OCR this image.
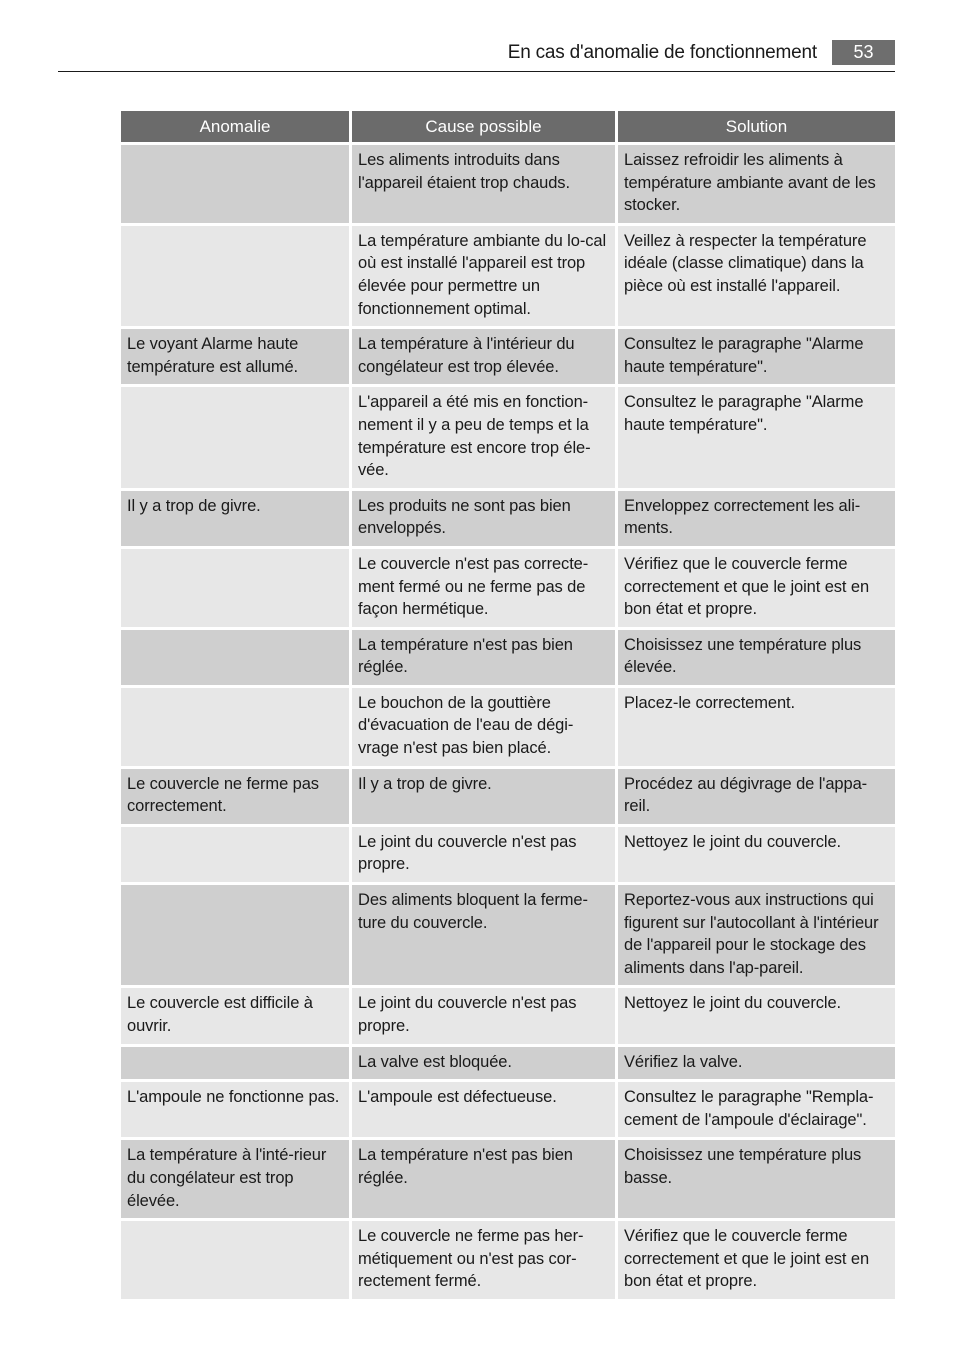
En cas d'anomalie de fonctionnement	53
Anomalie	Cause possible	Solution
	Les aliments introduits dans l'appareil étaient trop chauds.	Laissez refroidir les aliments à température ambiante avant de les stocker.
	La température ambiante du lo-cal où est installé l'appareil est trop élevée pour permettre un fonctionnement optimal.	Veillez à respecter la température idéale (classe climatique) dans la pièce où est installé l'appareil.
Le voyant Alarme haute température est allumé.	La température à l'intérieur du congélateur est trop élevée.	Consultez le paragraphe "Alarme haute température".
	L'appareil a été mis en fonction-nement il y a peu de temps et la température est encore trop éle-vée.	Consultez le paragraphe "Alarme haute température".
Il y a trop de givre.	Les produits ne sont pas bien enveloppés.	Enveloppez correctement les ali-ments.
	Le couvercle n'est pas correcte-ment fermé ou ne ferme pas de façon hermétique.	Vérifiez que le couvercle ferme correctement et que le joint est en bon état et propre.
	La température n'est pas bien réglée.	Choisissez une température plus élevée.
	Le bouchon de la gouttière d'évacuation de l'eau de dégi-vrage n'est pas bien placé.	Placez-le correctement.
Le couvercle ne ferme pas correctement.	Il y a trop de givre.	Procédez au dégivrage de l'appa-reil.
	Le joint du couvercle n'est pas propre.	Nettoyez le joint du couvercle.
	Des aliments bloquent la ferme-ture du couvercle.	Reportez-vous aux instructions qui figurent sur l'autocollant à l'intérieur de l'appareil pour le stockage des aliments dans l'ap-pareil.
Le couvercle est difficile à ouvrir.	Le joint du couvercle n'est pas propre.	Nettoyez le joint du couvercle.
	La valve est bloquée.	Vérifiez la valve.
L'ampoule ne fonctionne pas.	L'ampoule est défectueuse.	Consultez le paragraphe "Rempla-cement de l'ampoule d'éclairage".
La température à l'inté-rieur du congélateur est trop élevée.	La température n'est pas bien réglée.	Choisissez une température plus basse.
	Le couvercle ne ferme pas her-métiquement ou n'est pas cor-rectement fermé.	Vérifiez que le couvercle ferme correctement et que le joint est en bon état et propre.
